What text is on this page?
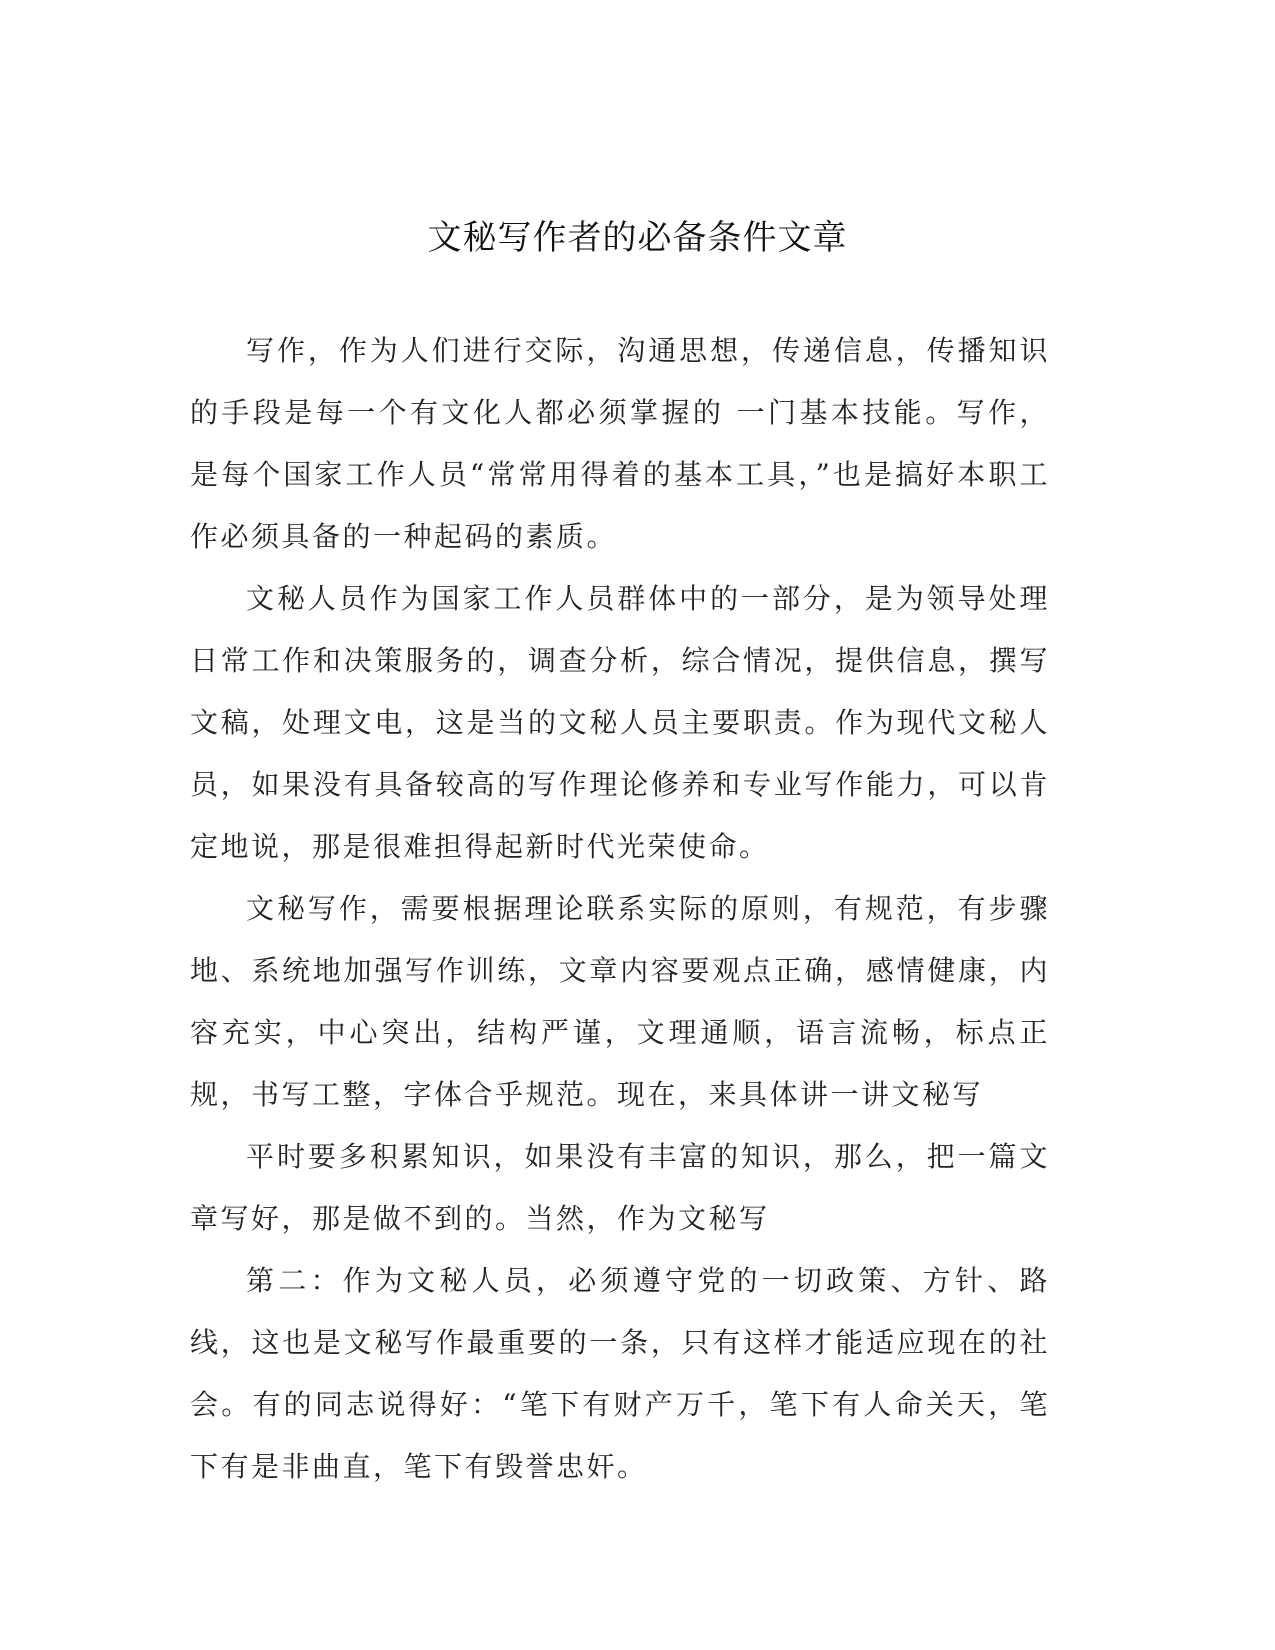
文秘写作者的必备条件文章

写作，作为人们进行交际，沟通思想，传递信息，传播知识的手段是每一个有文化人都必须掌握的 一门基本技能。写作，是每个国家工作人员“常常用得着的基本工具，”也是搞好本职工作必须具备的一种起码的素质。

文秘人员作为国家工作人员群体中的一部分，是为领导处理日常工作和决策服务的，调查分析，综合情况，提供信息，撰写文稿，处理文电，这是当的文秘人员主要职责。作为现代文秘人员，如果没有具备较高的写作理论修养和专业写作能力，可以肯定地说，那是很难担得起新时代光荣使命。

文秘写作，需要根据理论联系实际的原则，有规范，有步骤地、系统地加强写作训练，文章内容要观点正确，感情健康，内容充实，中心突出，结构严谨，文理通顺，语言流畅，标点正规，书写工整，字体合乎规范。现在，来具体讲一讲文秘写

平时要多积累知识，如果没有丰富的知识，那么，把一篇文章写好，那是做不到的。当然，作为文秘写

第二：作为文秘人员，必须遵守党的一切政策、方针、路线，这也是文秘写作最重要的一条，只有这样才能适应现在的社会。有的同志说得好：“笔下有财产万千，笔下有人命关天，笔下有是非曲直，笔下有毁誉忠奸。
